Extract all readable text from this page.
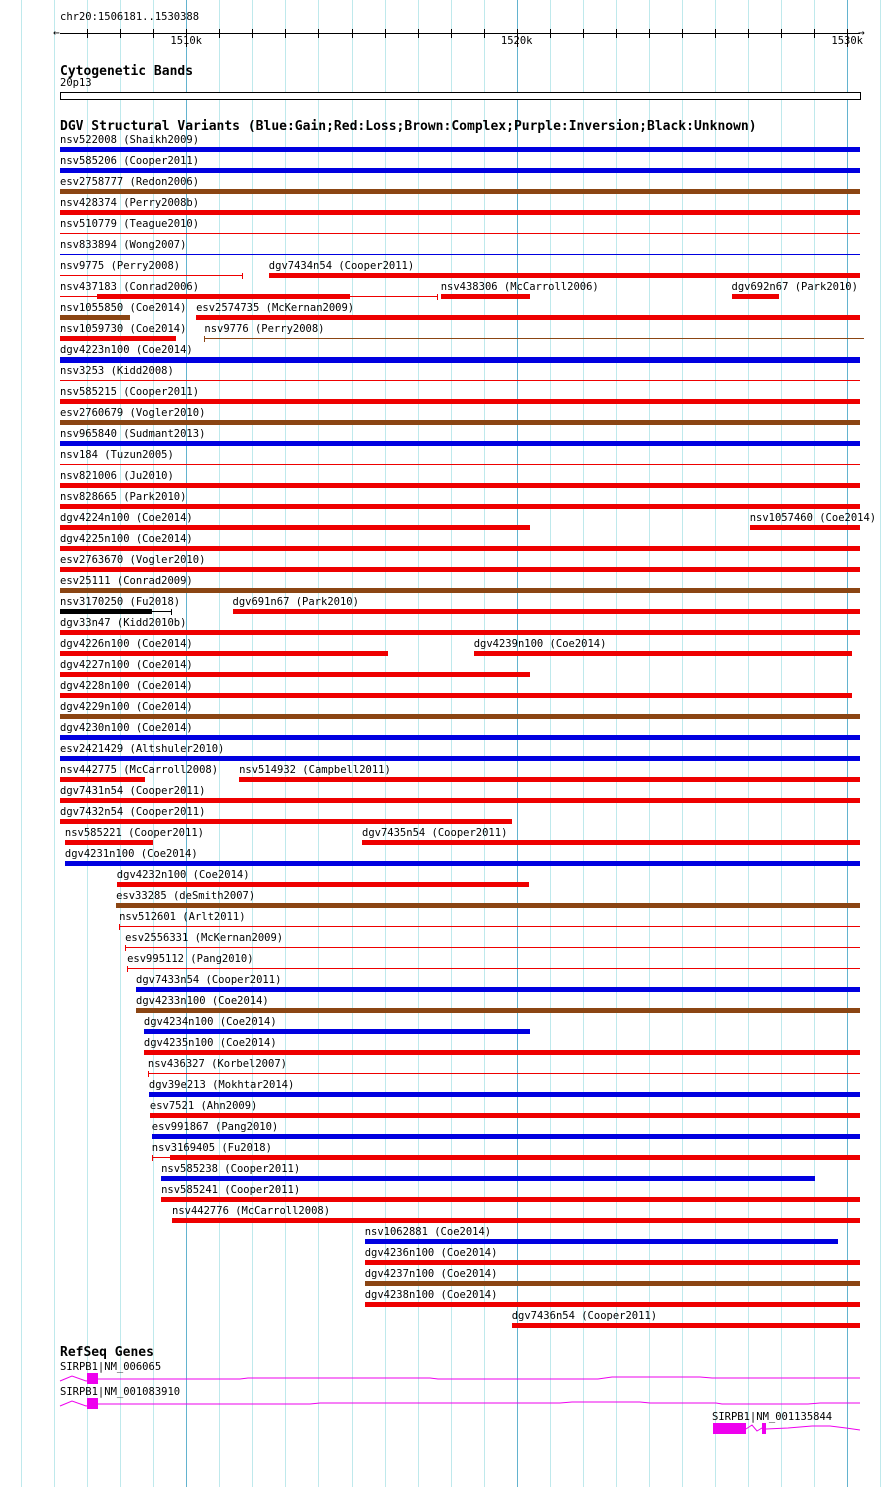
chr20:1506181..1530388
Cytogenetic Bands
20p13
DGV Structural Variants (Blue:Gain;Red:Loss;Brown:Complex;Purple:Inversion;Black:Unknown)
RefSeq Genes
←	→
1510k	1520k	1530k
nsv522008 (Shaikh2009)
nsv585206 (Cooper2011)
esv2758777 (Redon2006)
nsv428374 (Perry2008b)
nsv510779 (Teague2010)
nsv833894 (Wong2007)
nsv9775 (Perry2008)	dgv7434n54 (Cooper2011)
nsv437183 (Conrad2006)	nsv438306 (McCarroll2006)	dgv692n67 (Park2010)
nsv1055850 (Coe2014) esv2574735 (McKernan2009)
nsv1059730 (Coe2014) nsv9776 (Perry2008)
dgv4223n100 (Coe2014)
nsv3253 (Kidd2008)
nsv585215 (Cooper2011)
esv2760679 (Vogler2010)
nsv965840 (Sudmant2013)
nsv184 (Tuzun2005)
nsv821006 (Ju2010)
nsv828665 (Park2010)
dgv4224n100 (Coe2014)	nsv1057460 (Coe2014)
dgv4225n100 (Coe2014)
esv2763670 (Vogler2010)
esv25111 (Conrad2009)
nsv3170250 (Fu2018)	dgv691n67 (Park2010)
dgv33n47 (Kidd2010b)
dgv4226n100 (Coe2014)	dgv4239n100 (Coe2014)
dgv4227n100 (Coe2014)
dgv4228n100 (Coe2014)
dgv4229n100 (Coe2014)
dgv4230n100 (Coe2014)
esv2421429 (Altshuler2010)
nsv442775 (McCarroll2008) nsv514932 (Campbell2011)
dgv7431n54 (Cooper2011)
dgv7432n54 (Cooper2011)
nsv585221 (Cooper2011)	dgv7435n54 (Cooper2011)
dgv4231n100 (Coe2014)
dgv4232n100 (Coe2014)
esv33285 (deSmith2007)
nsv512601 (Arlt2011)
esv2556331 (McKernan2009)
esv995112 (Pang2010)
dgv7433n54 (Cooper2011)
dgv4233n100 (Coe2014)
dgv4234n100 (Coe2014)
dgv4235n100 (Coe2014)
nsv436327 (Korbel2007)
dgv39e213 (Mokhtar2014)
esv7521 (Ahn2009)
esv991867 (Pang2010)
nsv3169405 (Fu2018)
nsv585238 (Cooper2011)
nsv585241 (Cooper2011)
nsv442776 (McCarroll2008)
nsv1062881 (Coe2014)
dgv4236n100 (Coe2014)
dgv4237n100 (Coe2014)
dgv4238n100 (Coe2014)
dgv7436n54 (Cooper2011)
SIRPB1|NM_006065
SIRPB1|NM_001083910
SIRPB1|NM_001135844
